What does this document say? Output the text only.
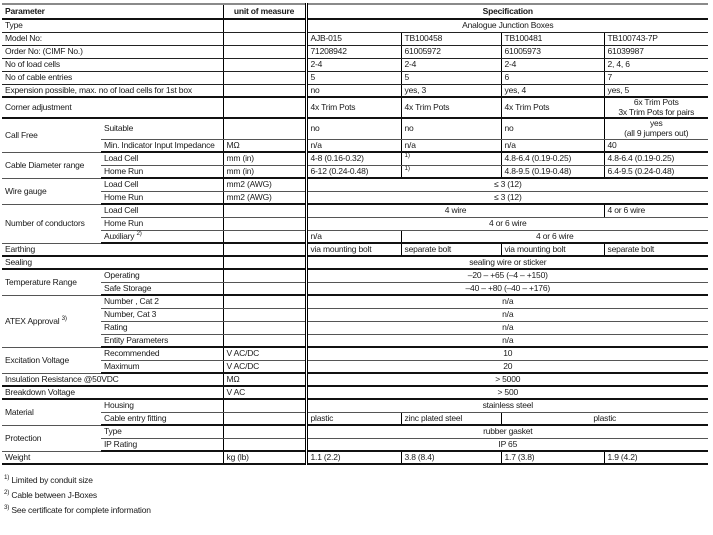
Parameter		unit of measure	Specification			
Type			Analogue Junction Boxes			
Model No:			AJB-015	TB100458	TB100481	TB100743-7P
Order No: (CIMF No.)			71208942	61005972	61005973	61039987
No of load cells			2-4	2-4	2-4	2, 4, 6
No of cable entries			5	5	6	7
Expension possible, max. no of load cells for 1st box			no	yes, 3	yes, 4	yes, 5
Corner adjustment			4x Trim Pots	4x Trim Pots	4x Trim Pots	6x Trim Pots
3x Trim Pots for pairs

Call Free	Suitable		no	no	no	yes
(all 9 jumpers out)

	Min. Indicator Input Impedance	MΩ	n/a	n/a	n/a	40
Cable Diameter range	Load Cell	mm (in)	4-8 (0.16-0.32)	$^{1)}$	4.8-6.4 (0.19-0.25)	4.8-6.4 (0.19-0.25)
	Home Run	mm (in)	6-12 (0.24-0.48)	$^{1)}$	4.8-9.5 (0.19-0.48)	6.4-9.5 (0.24-0.48)
Wire gauge	Load Cell	mm2 (AWG)	≤ 3 (12)			
	Home Run	mm2 (AWG)	≤ 3 (12)			
Number of conductors	Load Cell		4 wire			4 or 6 wire
	Home Run		4 or 6 wire			
	Auxiliary $^{2)}$		n/a	4 or 6 wire		
Earthing			via mounting bolt	separate bolt	via mounting bolt	separate bolt
Sealing			sealing wire or sticker			
Temperature Range	Operating		–20 – +65 (–4 – +150)			
	Safe Storage		–40 – +80 (–40 – +176)			
ATEX Approval $^{3)}$	Number , Cat 2		n/a			
	Number, Cat 3		n/a			
	Rating		n/a			
	Entity Parameters		n/a			
Excitation Voltage	Recommended	V AC/DC	10			
	Maximum	V AC/DC	20			
Insulation Resistance @50VDC		MΩ	> 5000			
Breakdown Voltage		V AC	> 500			
Material	Housing		stainless steel			
	Cable entry fitting		plastic	zinc plated steel	plastic	
Protection	Type		rubber gasket			
	IP Rating		IP 65			
Weight		kg (lb)	1.1 (2.2)	3.8 (8.4)	1.7 (3.8)	1.9 (4.2)
$^{1)}$ Limited by conduit size
$^{2)}$ Cable between J-Boxes
$^{3)}$ See certificate for complete information
